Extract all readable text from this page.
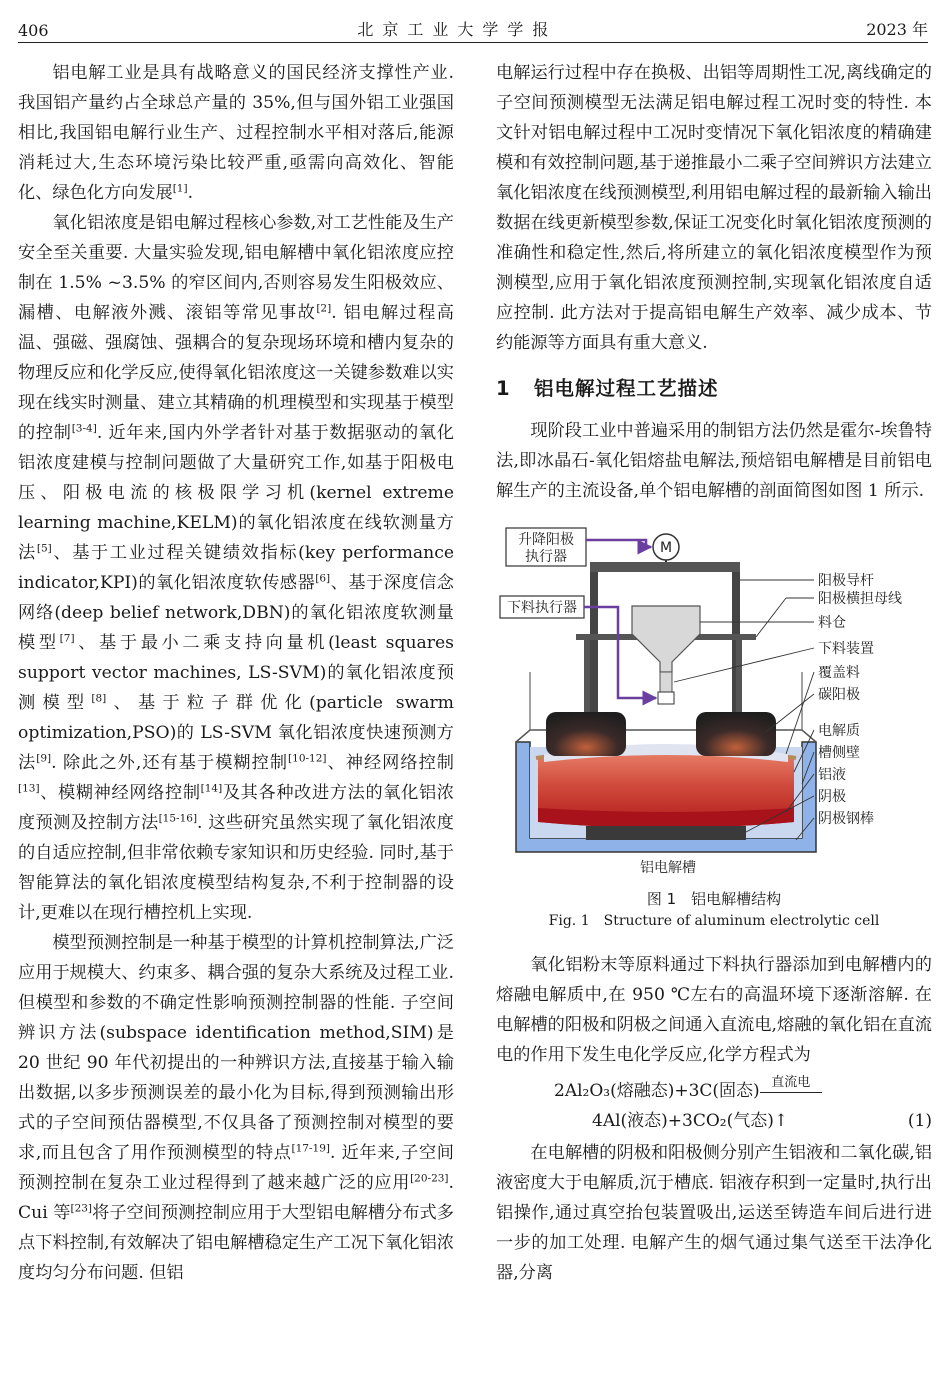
406	北京工业大学学报	2023 年

铝电解工业是具有战略意义的国民经济支撑性产业. 我国铝产量约占全球总产量的 35%,但与国外铝工业强国相比,我国铝电解行业生产、过程控制水平相对落后,能源消耗过大,生态环境污染比较严重,亟需向高效化、智能化、绿色化方向发展[1].

氧化铝浓度是铝电解过程核心参数,对工艺性能及生产安全至关重要. 大量实验发现,铝电解槽中氧化铝浓度应控制在 1.5% ~3.5% 的窄区间内,否则容易发生阳极效应、漏槽、电解液外溅、滚铝等常见事故[2]. 铝电解过程高温、强磁、强腐蚀、强耦合的复杂现场环境和槽内复杂的物理反应和化学反应,使得氧化铝浓度这一关键参数难以实现在线实时测量、建立其精确的机理模型和实现基于模型的控制[3-4]. 近年来,国内外学者针对基于数据驱动的氧化铝浓度建模与控制问题做了大量研究工作,如基于阳极电压、阳极电流的核极限学习机(kernel extreme learning machine,KELM)的氧化铝浓度在线软测量方法[5]、基于工业过程关键绩效指标(key performance indicator,KPI)的氧化铝浓度软传感器[6]、基于深度信念网络(deep belief network,DBN)的氧化铝浓度软测量模型[7]、基于最小二乘支持向量机(least squares support vector machines, LS-SVM)的氧化铝浓度预测模型[8]、基于粒子群优化(particle swarm optimization,PSO)的 LS-SVM 氧化铝浓度快速预测方法[9]. 除此之外,还有基于模糊控制[10-12]、神经网络控制[13]、模糊神经网络控制[14]及其各种改进方法的氧化铝浓度预测及控制方法[15-16]. 这些研究虽然实现了氧化铝浓度的自适应控制,但非常依赖专家知识和历史经验. 同时,基于智能算法的氧化铝浓度模型结构复杂,不利于控制器的设计,更难以在现行槽控机上实现.

模型预测控制是一种基于模型的计算机控制算法,广泛应用于规模大、约束多、耦合强的复杂大系统及过程工业. 但模型和参数的不确定性影响预测控制器的性能. 子空间辨识方法(subspace identification method,SIM)是 20 世纪 90 年代初提出的一种辨识方法,直接基于输入输出数据,以多步预测误差的最小化为目标,得到预测输出形式的子空间预估器模型,不仅具备了预测控制对模型的要求,而且包含了用作预测模型的特点[17-19]. 近年来,子空间预测控制在复杂工业过程得到了越来越广泛的应用[20-23]. Cui 等[23]将子空间预测控制应用于大型铝电解槽分布式多点下料控制,有效解决了铝电解槽稳定生产工况下氧化铝浓度均匀分布问题. 但铝

电解运行过程中存在换极、出铝等周期性工况,离线确定的子空间预测模型无法满足铝电解过程工况时变的特性. 本文针对铝电解过程中工况时变情况下氧化铝浓度的精确建模和有效控制问题,基于递推最小二乘子空间辨识方法建立氧化铝浓度在线预测模型,利用铝电解过程的最新输入输出数据在线更新模型参数,保证工况变化时氧化铝浓度预测的准确性和稳定性,然后,将所建立的氧化铝浓度模型作为预测模型,应用于氧化铝浓度预测控制,实现氧化铝浓度自适应控制. 此方法对于提高铝电解生产效率、减少成本、节约能源等方面具有重大意义.

1 铝电解过程工艺描述

现阶段工业中普遍采用的制铝方法仍然是霍尔-埃鲁特法,即冰晶石-氧化铝熔盐电解法,预焙铝电解槽是目前铝电解生产的主流设备,单个铝电解槽的剖面简图如图 1 所示.

M
升降阳极
执行器
下料执行器
阳极导杆
阳极横担母线
料仓
下料装置
覆盖料
碳阳极
电解质
槽侧壁
铝液
阴极
阴极钢棒
铝电解槽
图 1　铝电解槽结构
Fig. 1　Structure of aluminum electrolytic cell

氧化铝粉末等原料通过下料执行器添加到电解槽内的熔融电解质中,在 950 ℃左右的高温环境下逐渐溶解. 在电解槽的阳极和阴极之间通入直流电,熔融的氧化铝在直流电的作用下发生电化学反应,化学方程式为

2Al₂O₃(熔融态)+3C(固态) 直流电
4Al(液态)+3CO₂(气态)↑	(1)

在电解槽的阴极和阳极侧分别产生铝液和二氧化碳,铝液密度大于电解质,沉于槽底. 铝液存积到一定量时,执行出铝操作,通过真空抬包装置吸出,运送至铸造车间后进行进一步的加工处理. 电解产生的烟气通过集气送至干法净化器,分离
